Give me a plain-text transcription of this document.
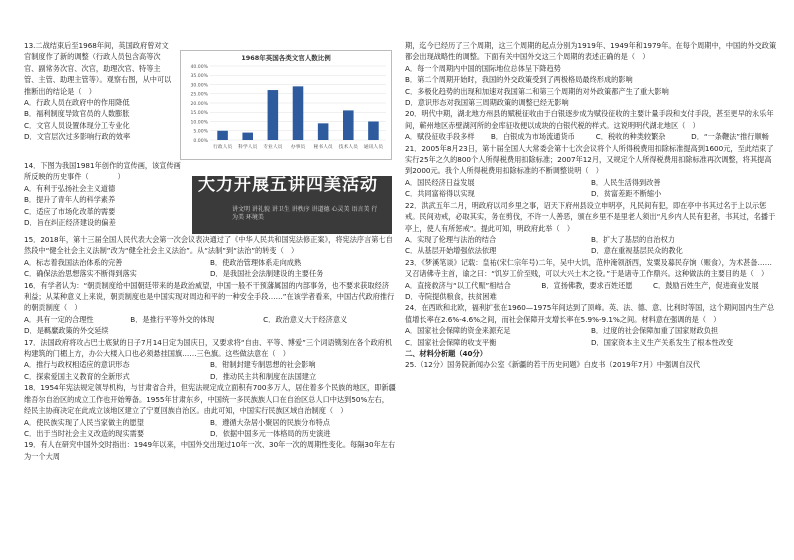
13.二战结束后至1968年间，英国政府曾对文官制度作了新的调整（行政人员包含高等次官、副常务次官、次官，助理次官、特等主管、主管、助理主管等）。观察右图，从中可以推断出的结论是（　）

A．行政人员在政府中的作用降低

B．福利制度导致官员的人数膨胀

C．文官人员设置体现分工专业化

D．文官层次过多影响行政的效率

1968年英国各类文官人数比例
0.00%
5.00%
10.00%
15.00%
20.00%
25.00%
30.00%
35.00%
40.00%
行政人员 科学人员 专业人员 办事员 秘书人员 技术人员 通讯人员

14．下图为我国1981年创作的宣传画，该宣传画所反映的历史事件（　　　　）

A．有利于弘扬社会主义道德

B．提升了青年人的科学素养

C．适应了市场化改革的需要

D．旨在纠正经济建设的偏差

大力开展五讲四美活动
讲文明 讲礼貌 讲卫生 讲秩序 讲道德 心灵美 语言美 行为美 环境美

15．2018年，第十三届全国人民代表大会第一次会议表决通过了《中华人民共和国宪法修正案》，将宪法序言第七自然段中“健全社会主义法制”改为“健全社会主义法治”。从“法制”到“法治”的转变（　）

A．标志着我国法治体系的完善	B．使政治管理体系走向成熟
C．确保法治思想落实不断得到落实	D．是我国社会法制建设的主要任务

16．有学者认为：“朝贡制度给中国朝廷带来的是政治威望，中国一般不干预藩属国的内部事务，也不要求获取经济利益；从某种意义上来说，朝贡制度也是中国实现对周边和平的一种安全手段……”在该学者看来，中国古代政府推行的朝贡制度（　）

A．具有一定的合理性	B．是推行平等外交的体现	C．政治意义大于经济意义

D．是羁縻政策的外交延续

17．法国政府将攻占巴士底狱的日子7月14日定为国庆日，又要求将“自由、平等、博爱”三个词语镌刻在各个政府机构建筑的门楣上方，办公大楼入口也必须悬挂国旗……三色旗。这些做法意在（　）

A．推行与政权相适应的意识形态	B．钳制封建专制思想的社会影响
C．探索爱国主义教育的全新形式	D．推动民主共和制度在法国建立

18．1954年宪法规定领导机构，与甘肃省合并，但宪法规定成立面积有700多万人，居住着多个民族的地区，即新疆维吾尔自治区的成立工作也开始筹备。1955年甘肃东乡，中国统一多民族族人口在自治区总人口中达到50%左右，经民主协商决定在此成立该地区建立了宁夏回族自治区。由此可知，中国实行民族区域自治制度（　）

A．使民族实现了人民当家做主的愿望	B．遵循大杂居小聚居的民族分布特点
C．出于当时社会主义改造的现实需要	D．依据中国多元一体格局的历史演进

19．有人在研究中国外交时指出：1949年以来，中国外交出现过10年一次、30年一次的周期性变化。每隔30年左右为一个大周

期，迄今已经历了三个周期，这三个周期的起点分别为1919年、1949年和1979年。在每个周期中，中国的外交政策都会出现战略性的调整。下面有关中国外交这三个周期的表述正确的是（　）

A．每一个周期内中国的国际地位总体呈下降趋势

B．第二个周期开始时，我国的外交政策受到了两极格局最终形成的影响

C．多极化趋势的出现和加速对我国第二和第三个周期的对外政策都产生了重大影响

D．意识形态对我国第三周期政策的调整已经无影响

20．明代中期，湖北地方州县的赋税征收由于白银逐步成为赋役征收的主要计量手段和支付手段，甚至更早的永乐年间，蕲州地区赤壁湖河所的金库征收便以成块的白银代税的样式。这说明明代湖北地区（　）

A．赋役征收手段多样	B．白银成为市场流通货币	C．税收的种类较繁杂	D．“一条鞭法”推行顺畅

21．2005年8月23日，第十届全国人大常委会第十七次会议将个人所得税费用扣除标准提高到1600元，至此结束了实行25年之久的800个人所得税费用扣除标准；2007年12月，又规定个人所得税费用扣除标准再次调整，将其提高到2000元。我个人所得税费用扣除标准的不断调整说明（　）

A．国民经济日益发展	B．人民生活得到改善
C．共同富裕得以实现	D．贫富差距不断缩小

22．洪武五年二月，明政府以司乡里之事，诏天下府州县设立申明亭，凡民间有犯，即在亭中书其过名于上以示惩戒。民间劝戒，必取其实，务在剪伐，不许一人善恶，颁在乡里不是里老人须出“凡乡内人民有犯者，书其过，名播于亭上，使人有所惩戒”。提此可知，明政府此举（　）

A．实现了伦理与法治的结合	B．扩大了基层的自治权力
C．从基层开始增强依法依理	D．意在重视基层民众的教化

23．《梦溪笔谈》记载：皇祐(宋仁宗年号)二年，吴中大饥，范仲淹领浙西，发粟及募民存饷（赈食），为术甚备……又召诸佛寺主首，谕之曰：“饥岁工价至贱，可以大兴土木之役。”于是诸寺工作鼎兴。这种做法的主要目的是（　）

A．直接救济与“以工代赈”相结合	B．宣扬佛教，要求百姓还愿	C．鼓励百姓生产，促进商业发展

D．寺院提供粮食，扶贫困难

24．在西欧和北欧，福利扩张在1960—1975年间达到了顶峰。英、法、德、意、比利时等国，这个期间国内生产总值增长率在2.6%-4.6%之间，而社会保障开支增长率在5.9%-9.1%之间。材料意在强调的是（　）

A．国家社会保障的资金来源充足	B．过度的社会保障加重了国家财政负担
C．国家社会保障的收支平衡	D．国家资本主义生产关系发生了根本性改变

二、材料分析题（40分）

25.（12分）国务院新闻办公室《新疆的若干历史问题》白皮书（2019年7月）中强调自汉代
